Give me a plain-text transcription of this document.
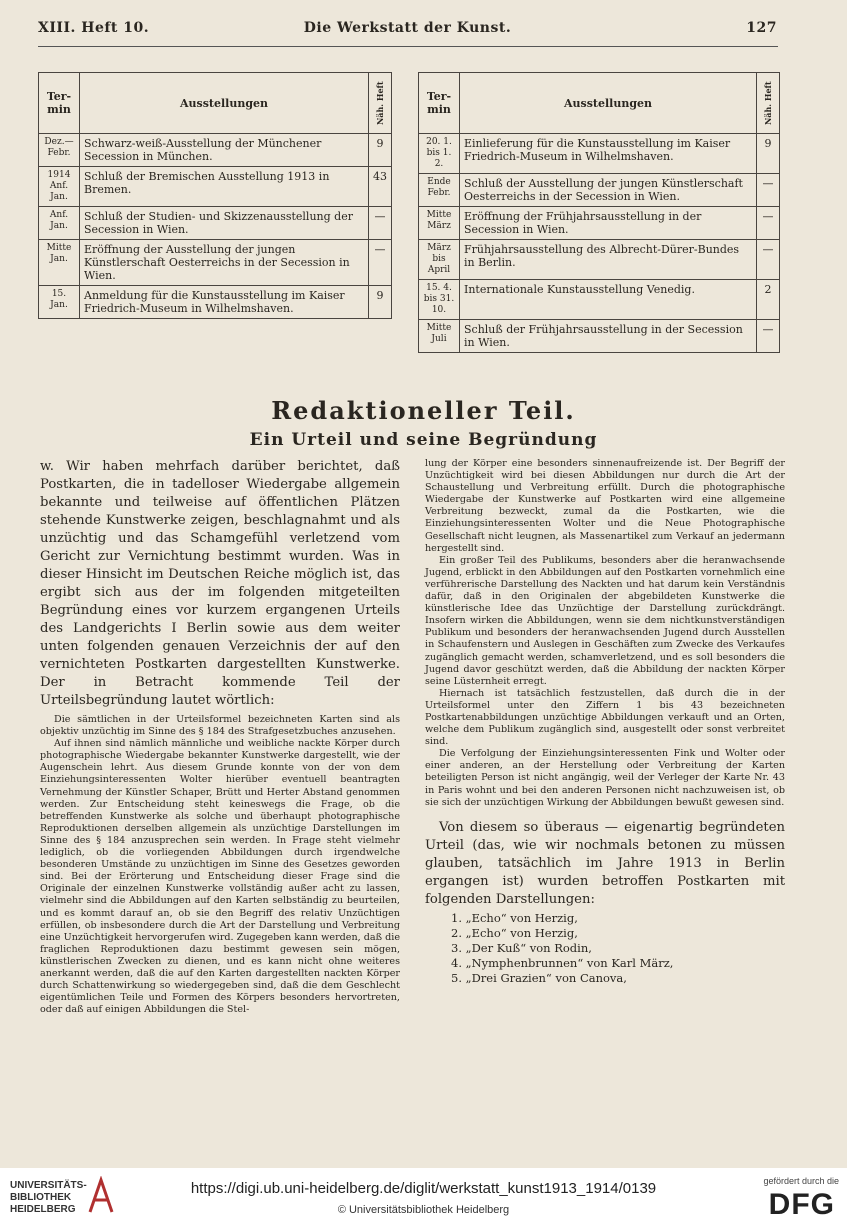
XIII. Heft 10.	Die Werkstatt der Kunst.	127
Ter-min	Ausstellungen	Näh. Heft
Dez.—Febr.	Schwarz-weiß-Ausstellung der Münchener Secession in München.	9
1914 Anf. Jan.	Schluß der Bremischen Ausstellung 1913 in Bremen.	43
Anf. Jan.	Schluß der Studien- und Skizzenausstellung der Secession in Wien.	—
Mitte Jan.	Eröffnung der Ausstellung der jungen Künstlerschaft Oesterreichs in der Secession in Wien.	—
15. Jan.	Anmeldung für die Kunstausstellung im Kaiser Friedrich-Museum in Wilhelmshaven.	9
Ter-min	Ausstellungen	Näh. Heft
20. 1. bis 1. 2.	Einlieferung für die Kunstausstellung im Kaiser Friedrich-Museum in Wilhelmshaven.	9
Ende Febr.	Schluß der Ausstellung der jungen Künstlerschaft Oesterreichs in der Secession in Wien.	—
Mitte März	Eröffnung der Frühjahrsausstellung in der Secession in Wien.	—
März bis April	Frühjahrsausstellung des Albrecht-Dürer-Bundes in Berlin.	—
15. 4. bis 31. 10.	Internationale Kunstausstellung Venedig.	2
Mitte Juli	Schluß der Frühjahrsausstellung in der Secession in Wien.	—
Redaktioneller Teil.
Ein Urteil und seine Begründung

w. Wir haben mehrfach darüber berichtet, daß Postkarten, die in tadelloser Wiedergabe allgemein bekannte und teilweise auf öffentlichen Plätzen stehende Kunstwerke zeigen, beschlagnahmt und als unzüchtig und das Schamgefühl verletzend vom Gericht zur Vernichtung bestimmt wurden. Was in dieser Hinsicht im Deutschen Reiche möglich ist, das ergibt sich aus der im folgenden mitgeteilten Begründung eines vor kurzem ergangenen Urteils des Landgerichts I Berlin sowie aus dem weiter unten folgenden genauen Verzeichnis der auf den vernichteten Postkarten dargestellten Kunstwerke. Der in Betracht kommende Teil der Urteilsbegründung lautet wörtlich:

Die sämtlichen in der Urteilsformel bezeichneten Karten sind als objektiv unzüchtig im Sinne des § 184 des Strafgesetzbuches anzusehen.

Auf ihnen sind nämlich männliche und weibliche nackte Körper durch photographische Wiedergabe bekannter Kunstwerke dargestellt, wie der Augenschein lehrt. Aus diesem Grunde konnte von der von dem Einziehungsinteressenten Wolter hierüber eventuell beantragten Vernehmung der Künstler Schaper, Brütt und Herter Abstand genommen werden. Zur Entscheidung steht keineswegs die Frage, ob die betreffenden Kunstwerke als solche und überhaupt photographische Reproduktionen derselben allgemein als unzüchtige Darstellungen im Sinne des § 184 anzusprechen sein werden. In Frage steht vielmehr lediglich, ob die vorliegenden Abbildungen durch irgendwelche besonderen Umstände zu unzüchtigen im Sinne des Gesetzes geworden sind. Bei der Erörterung und Entscheidung dieser Frage sind die Originale der einzelnen Kunstwerke vollständig außer acht zu lassen, vielmehr sind die Abbildungen auf den Karten selbständig zu beurteilen, und es kommt darauf an, ob sie den Begriff des relativ Unzüchtigen erfüllen, ob insbesondere durch die Art der Darstellung und Verbreitung eine Unzüchtigkeit hervorgerufen wird. Zugegeben kann werden, daß die fraglichen Reproduktionen dazu bestimmt gewesen sein mögen, künstlerischen Zwecken zu dienen, und es kann nicht ohne weiteres anerkannt werden, daß die auf den Karten dargestellten nackten Körper durch Schattenwirkung so wiedergegeben sind, daß die dem Geschlecht eigentümlichen Teile und Formen des Körpers besonders hervortreten, oder daß auf einigen Abbildungen die Stel-

lung der Körper eine besonders sinnenaufreizende ist. Der Begriff der Unzüchtigkeit wird bei diesen Abbildungen nur durch die Art der Schaustellung und Verbreitung erfüllt. Durch die photographische Wiedergabe der Kunstwerke auf Postkarten wird eine allgemeine Verbreitung bezweckt, zumal da die Postkarten, wie die Einziehungsinteressenten Wolter und die Neue Photographische Gesellschaft nicht leugnen, als Massenartikel zum Verkauf an jedermann hergestellt sind.

Ein großer Teil des Publikums, besonders aber die heranwachsende Jugend, erblickt in den Abbildungen auf den Postkarten vornehmlich eine verführerische Darstellung des Nackten und hat darum kein Verständnis dafür, daß in den Originalen der abgebildeten Kunstwerke die künstlerische Idee das Unzüchtige der Darstellung zurückdrängt. Insofern wirken die Abbildungen, wenn sie dem nichtkunstverständigen Publikum und besonders der heranwachsenden Jugend durch Ausstellen in Schaufenstern und Auslegen in Geschäften zum Zwecke des Verkaufes zugänglich gemacht werden, schamverletzend, und es soll besonders die Jugend davor geschützt werden, daß die Abbildung der nackten Körper seine Lüsternheit erregt.

Hiernach ist tatsächlich festzustellen, daß durch die in der Urteilsformel unter den Ziffern 1 bis 43 bezeichneten Postkartenabbildungen unzüchtige Abbildungen verkauft und an Orten, welche dem Publikum zugänglich sind, ausgestellt oder sonst verbreitet sind.

Die Verfolgung der Einziehungsinteressenten Fink und Wolter oder einer anderen, an der Herstellung oder Verbreitung der Karten beteiligten Person ist nicht angängig, weil der Verleger der Karte Nr. 43 in Paris wohnt und bei den anderen Personen nicht nachzuweisen ist, ob sie sich der unzüchtigen Wirkung der Abbildungen bewußt gewesen sind.

Von diesem so überaus — eigenartig begründeten Urteil (das, wie wir nochmals betonen zu müssen glauben, tatsächlich im Jahre 1913 in Berlin ergangen ist) wurden betroffen Postkarten mit folgenden Darstellungen:

1. „Echo“ von Herzig,
2. „Echo“ von Herzig,
3. „Der Kuß“ von Rodin,
4. „Nymphenbrunnen“ von Karl März,
5. „Drei Grazien“ von Canova,
UNIVERSITÄTS-
BIBLIOTHEK
HEIDELBERG
https://digi.ub.uni-heidelberg.de/diglit/werkstatt_kunst1913_1914/0139
© Universitätsbibliothek Heidelberg
gefördert durch die
DFG
